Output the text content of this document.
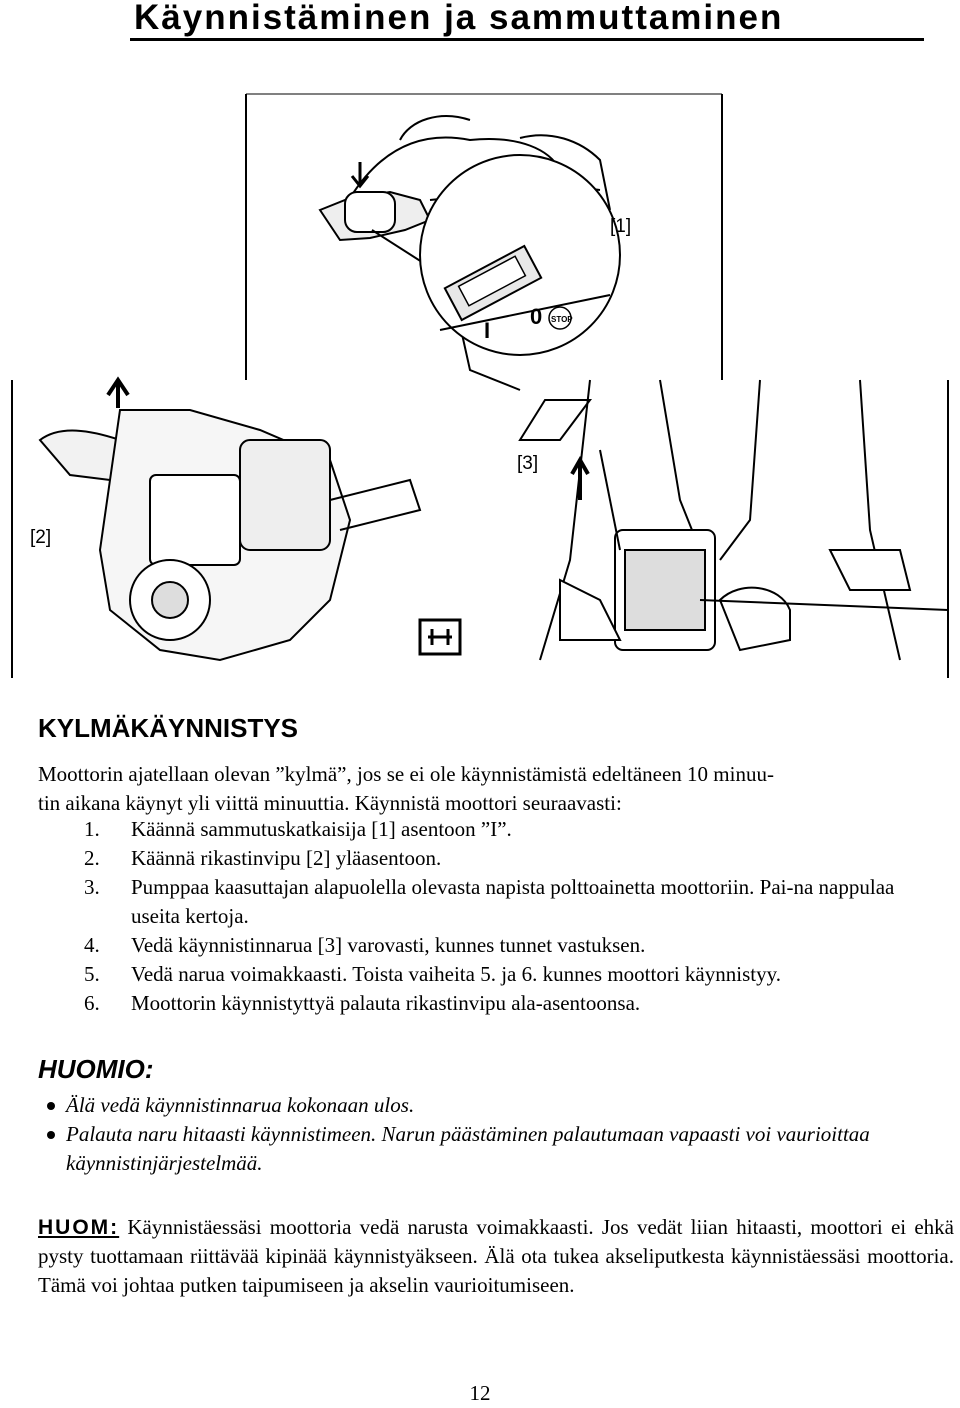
Käynnistäminen ja sammuttaminen
I
0 STOP
[1]
[2]
[3]
KYLMÄKÄYNNISTYS
Moottorin ajatellaan olevan ”kylmä”, jos se ei ole käynnistämistä edeltäneen 10 minuu-
tin aikana käynyt yli viittä minuuttia. Käynnistä moottori seuraavasti:
1. Käännä sammutuskatkaisija [1] asentoon ”I”.
2. Käännä rikastinvipu [2] yläasentoon.
3. Pumppaa kaasuttajan alapuolella olevasta napista polttoainetta moottoriin. Pai-na nappulaa useita kertoja.
4. Vedä käynnistinnarua [3] varovasti, kunnes tunnet vastuksen.
5. Vedä narua voimakkaasti. Toista vaiheita 5. ja 6. kunnes moottori käynnistyy.
6. Moottorin käynnistyttyä palauta rikastinvipu ala-asentoonsa.
HUOMIO:
Älä vedä käynnistinnarua kokonaan ulos.
Palauta naru hitaasti käynnistimeen. Narun päästäminen palautumaan vapaasti voi vaurioittaa käynnistinjärjestelmää.
HUOM: Käynnistäessäsi moottoria vedä narusta voimakkaasti. Jos vedät liian hitaasti, moottori ei ehkä pysty tuottamaan riittävää kipinää käynnistyäkseen. Älä ota tukea akseliputkesta käynnistäessäsi moottoria. Tämä voi johtaa putken taipumiseen ja akselin vaurioitumiseen.
12
